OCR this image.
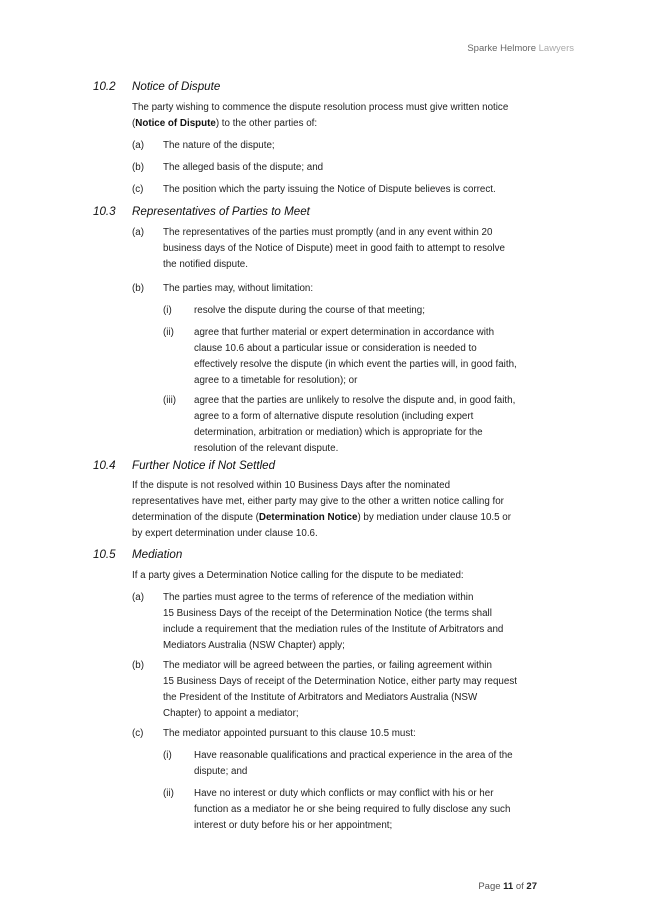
Sparke Helmore Lawyers
10.2 Notice of Dispute
The party wishing to commence the dispute resolution process must give written notice
(Notice of Dispute) to the other parties of:
(a) The nature of the dispute;
(b) The alleged basis of the dispute; and
(c) The position which the party issuing the Notice of Dispute believes is correct.
10.3 Representatives of Parties to Meet
(a) The representatives of the parties must promptly (and in any event within 20
business days of the Notice of Dispute) meet in good faith to attempt to resolve
the notified dispute.
(b) The parties may, without limitation:
(i) resolve the dispute during the course of that meeting;
(ii) agree that further material or expert determination in accordance with
clause 10.6 about a particular issue or consideration is needed to
effectively resolve the dispute (in which event the parties will, in good faith,
agree to a timetable for resolution); or
(iii) agree that the parties are unlikely to resolve the dispute and, in good faith,
agree to a form of alternative dispute resolution (including expert
determination, arbitration or mediation) which is appropriate for the
resolution of the relevant dispute.
10.4 Further Notice if Not Settled
If the dispute is not resolved within 10 Business Days after the nominated
representatives have met, either party may give to the other a written notice calling for
determination of the dispute (Determination Notice) by mediation under clause 10.5 or
by expert determination under clause 10.6.
10.5 Mediation
If a party gives a Determination Notice calling for the dispute to be mediated:
(a) The parties must agree to the terms of reference of the mediation within
15 Business Days of the receipt of the Determination Notice (the terms shall
include a requirement that the mediation rules of the Institute of Arbitrators and
Mediators Australia (NSW Chapter) apply;
(b) The mediator will be agreed between the parties, or failing agreement within
15 Business Days of receipt of the Determination Notice, either party may request
the President of the Institute of Arbitrators and Mediators Australia (NSW
Chapter) to appoint a mediator;
(c) The mediator appointed pursuant to this clause 10.5 must:
(i) Have reasonable qualifications and practical experience in the area of the
dispute; and
(ii) Have no interest or duty which conflicts or may conflict with his or her
function as a mediator he or she being required to fully disclose any such
interest or duty before his or her appointment;
Page 11 of 27
